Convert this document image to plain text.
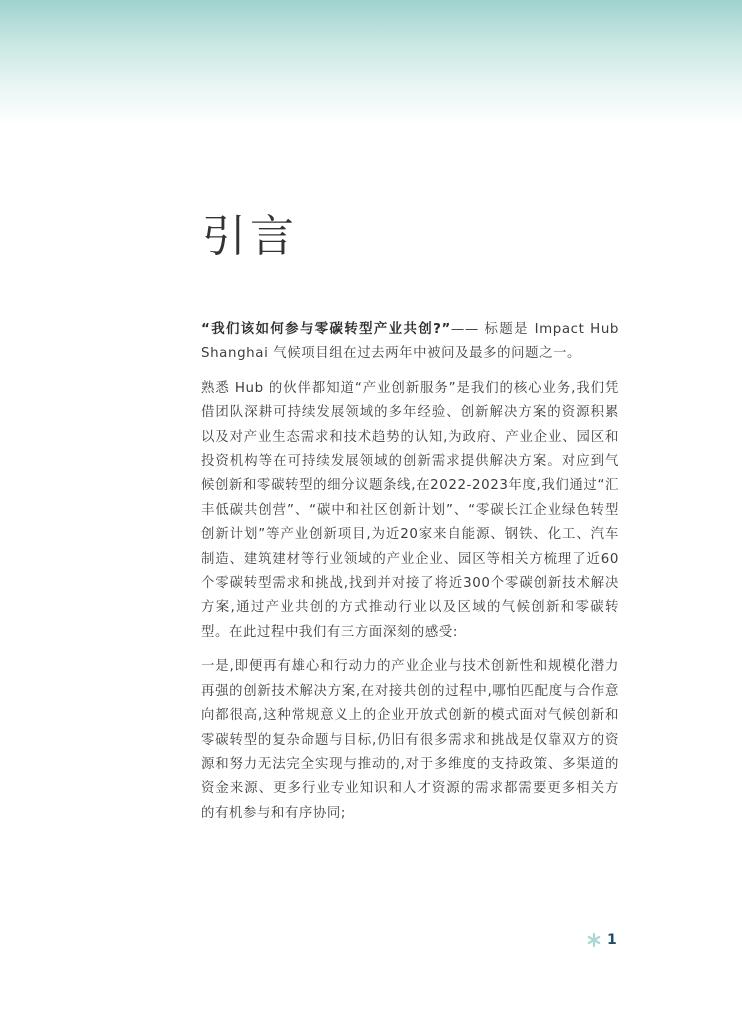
引言

“我们该如何参与零碳转型产业共创?”—— 标题是 Impact Hub Shanghai 气候项目组在过去两年中被问及最多的问题之一。

熟悉 Hub 的伙伴都知道“产业创新服务”是我们的核心业务,我们凭借团队深耕可持续发展领域的多年经验、创新解决方案的资源积累以及对产业生态需求和技术趋势的认知,为政府、产业企业、园区和投资机构等在可持续发展领域的创新需求提供解决方案。对应到气候创新和零碳转型的细分议题条线,在2022-2023年度,我们通过“汇丰低碳共创营”、“碳中和社区创新计划”、“零碳长江企业绿色转型创新计划”等产业创新项目,为近20家来自能源、钢铁、化工、汽车制造、建筑建材等行业领域的产业企业、园区等相关方梳理了近60个零碳转型需求和挑战,找到并对接了将近300个零碳创新技术解决方案,通过产业共创的方式推动行业以及区域的气候创新和零碳转型。在此过程中我们有三方面深刻的感受:

一是,即便再有雄心和行动力的产业企业与技术创新性和规模化潜力再强的创新技术解决方案,在对接共创的过程中,哪怕匹配度与合作意向都很高,这种常规意义上的企业开放式创新的模式面对气候创新和零碳转型的复杂命题与目标,仍旧有很多需求和挑战是仅靠双方的资源和努力无法完全实现与推动的,对于多维度的支持政策、多渠道的资金来源、更多行业专业知识和人才资源的需求都需要更多相关方的有机参与和有序协同;

1
